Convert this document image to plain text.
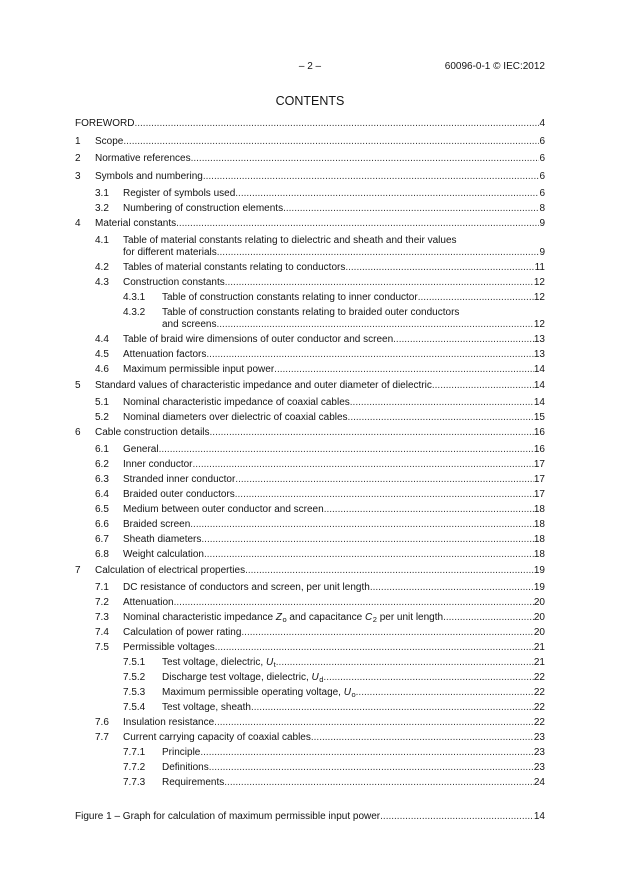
– 2 –	60096-0-1 © IEC:2012
CONTENTS
FOREWORD .....	4
1	Scope .....	6
2	Normative references .....	6
3	Symbols and numbering .....	6
3.1	Register of symbols used .....	6
3.2	Numbering of construction elements .....	8
4	Material constants .....	9
4.1	Table of material constants relating to dielectric and sheath and their values
for different materials .....	9
4.2	Tables of material constants relating to conductors .....	11
4.3	Construction constants .....	12
4.3.1	Table of construction constants relating to inner conductor .....	12
4.3.2	Table of construction constants relating to braided outer conductors
and screens .....	12
4.4	Table of braid wire dimensions of outer conductor and screen .....	13
4.5	Attenuation factors .....	13
4.6	Maximum permissible input power .....	14
5	Standard values of characteristic impedance and outer diameter of dielectric .....	14
5.1	Nominal characteristic impedance of coaxial cables .....	14
5.2	Nominal diameters over dielectric of coaxial cables .....	15
6	Cable construction details .....	16
6.1	General .....	16
6.2	Inner conductor .....	17
6.3	Stranded inner conductor .....	17
6.4	Braided outer conductors .....	17
6.5	Medium between outer conductor and screen .....	18
6.6	Braided screen .....	18
6.7	Sheath diameters .....	18
6.8	Weight calculation .....	18
7	Calculation of electrical properties .....	19
7.1	DC resistance of conductors and screen, per unit length .....	19
7.2	Attenuation .....	20
7.3	Nominal characteristic impedance $Z_o$ and capacitance $C_2$ per unit length .....	20
7.4	Calculation of power rating .....	20
7.5	Permissible voltages .....	21
7.5.1	Test voltage, dielectric, $U_t$ .....	21
7.5.2	Discharge test voltage, dielectric, $U_d$ .....	22
7.5.3	Maximum permissible operating voltage, $U_o$ .....	22
7.5.4	Test voltage, sheath .....	22
7.6	Insulation resistance .....	22
7.7	Current carrying capacity of coaxial cables .....	23
7.7.1	Principle .....	23
7.7.2	Definitions .....	23
7.7.3	Requirements .....	24
Figure 1 – Graph for calculation of maximum permissible input power .....	14
